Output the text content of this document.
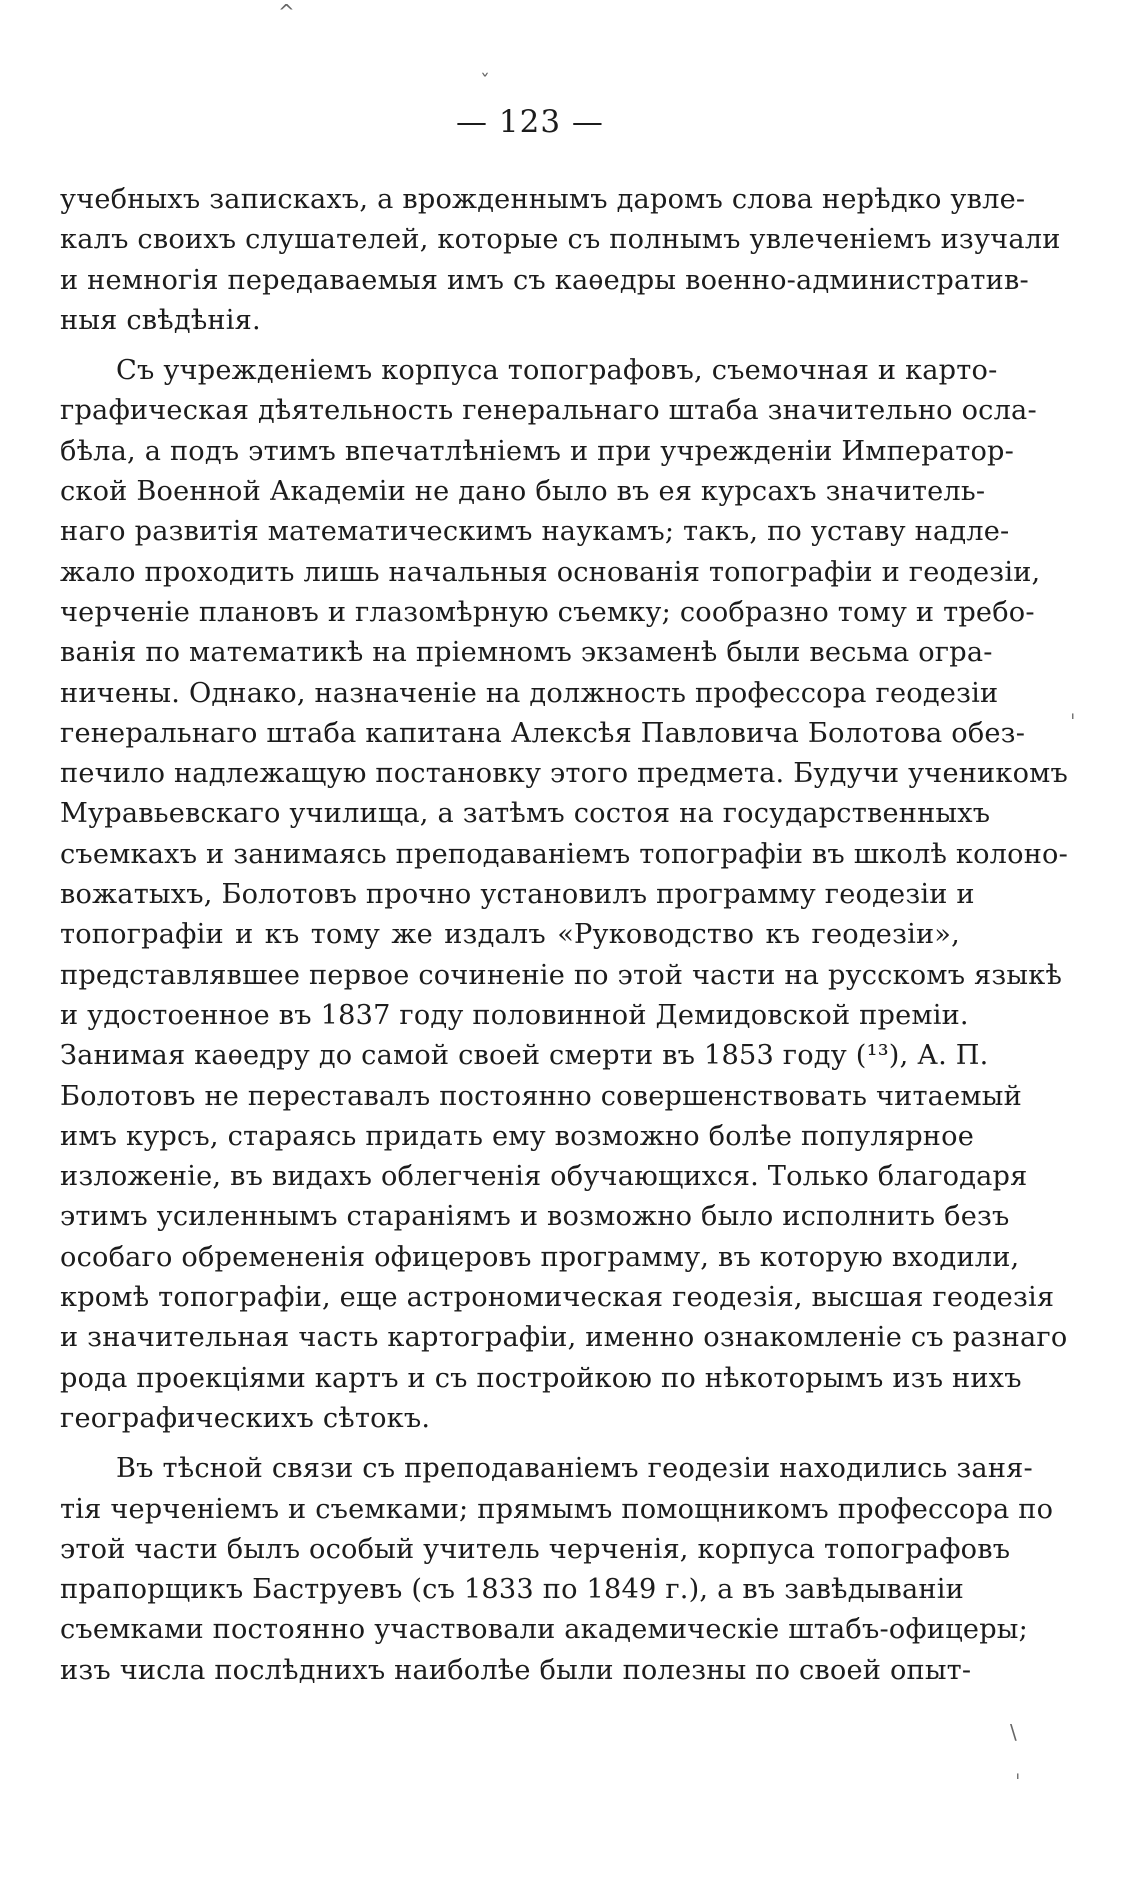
— 123 —
учебныхъ запискахъ, а врожденнымъ даромъ слова нерѣдко увле-
калъ своихъ слушателей, которые съ полнымъ увлеченіемъ изучали
и немногія передаваемыя имъ съ каѳедры военно-административ-
ныя свѣдѣнія.
Съ учрежденіемъ корпуса топографовъ, съемочная и карто-
графическая дѣятельность генеральнаго штаба значительно осла-
бѣла, а подъ этимъ впечатлѣніемъ и при учрежденіи Император-
ской Военной Академіи не дано было въ ея курсахъ значитель-
наго развитія математическимъ наукамъ; такъ, по уставу надле-
жало проходить лишь начальныя основанія топографіи и геодезіи,
черченіе плановъ и глазомѣрную съемку; сообразно тому и требо-
ванія по математикѣ на пріемномъ экзаменѣ были весьма огра-
ничены. Однако, назначеніе на должность профессора геодезіи
генеральнаго штаба капитана Алексѣя Павловича Болотова обез-
печило надлежащую постановку этого предмета. Будучи ученикомъ
Муравьевскаго училища, а затѣмъ состоя на государственныхъ
съемкахъ и занимаясь преподаваніемъ топографіи въ школѣ колоно-
вожатыхъ, Болотовъ прочно установилъ программу геодезіи и
топографіи и къ тому же издалъ «Руководство къ геодезіи»,
представлявшее первое сочиненіе по этой части на русскомъ языкѣ
и удостоенное въ 1837 году половинной Демидовской преміи.
Занимая каѳедру до самой своей смерти въ 1853 году (¹³), А. П.
Болотовъ не переставалъ постоянно совершенствовать читаемый
имъ курсъ, стараясь придать ему возможно болѣе популярное
изложеніе, въ видахъ облегченія обучающихся. Только благодаря
этимъ усиленнымъ стараніямъ и возможно было исполнить безъ
особаго обремененія офицеровъ программу, въ которую входили,
кромѣ топографіи, еще астрономическая геодезія, высшая геодезія
и значительная часть картографіи, именно ознакомленіе съ разнаго
рода проекціями картъ и съ постройкою по нѣкоторымъ изъ нихъ
географическихъ сѣтокъ.
Въ тѣсной связи съ преподаваніемъ геодезіи находились заня-
тія черченіемъ и съемками; прямымъ помощникомъ профессора по
этой части былъ особый учитель черченія, корпуса топографовъ
прапорщикъ Баструевъ (съ 1833 по 1849 г.), а въ завѣдываніи
съемками постоянно участвовали академическіе штабъ-офицеры;
изъ числа послѣднихъ наиболѣе были полезны по своей опыт-
^
ˇ
ˈ
\
ˈ
